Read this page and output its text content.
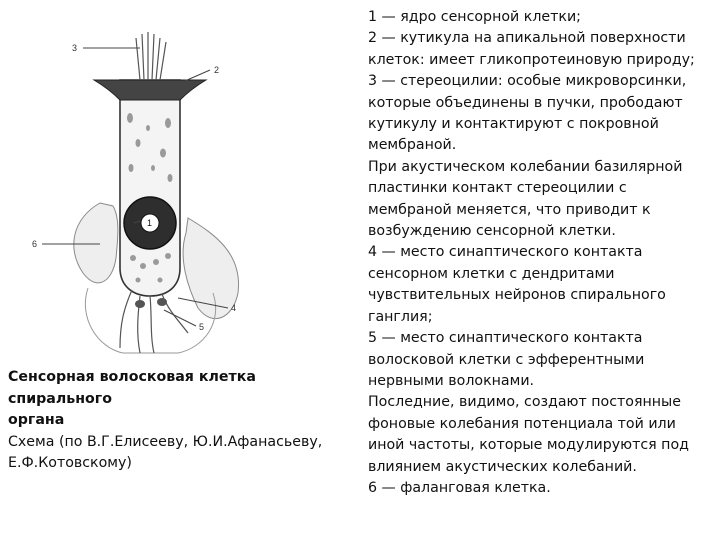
3
2
6
4
5
1
Сенсорная волосковая клетка спирального
органа
Схема (по В.Г.Елисееву, Ю.И.Афанасьеву,
Е.Ф.Котовскому)

1 — ядро сенсорной клетки;

2 — кутикула на апикальной поверхности

клеток: имеет гликопротеиновую природу;

3 — стереоцилии: особые микроворсинки,

которые объединены в пучки, прободают

кутикулу и контактируют с покровной

мембраной.

При акустическом колебании базилярной

пластинки контакт стереоцилии с

мембраной меняется, что приводит к

возбуждению сенсорной клетки.

4 — место синаптического контакта

сенсорном клетки с дендритами

чувствительных нейронов спирального

ганглия;

5 — место синаптического контакта

волосковой клетки с эфферентными

нервными волокнами.

Последние, видимо, создают постоянные

фоновые колебания потенциала той или

иной частоты, которые модулируются под

влиянием акустических колебаний.

6 — фаланговая клетка.
